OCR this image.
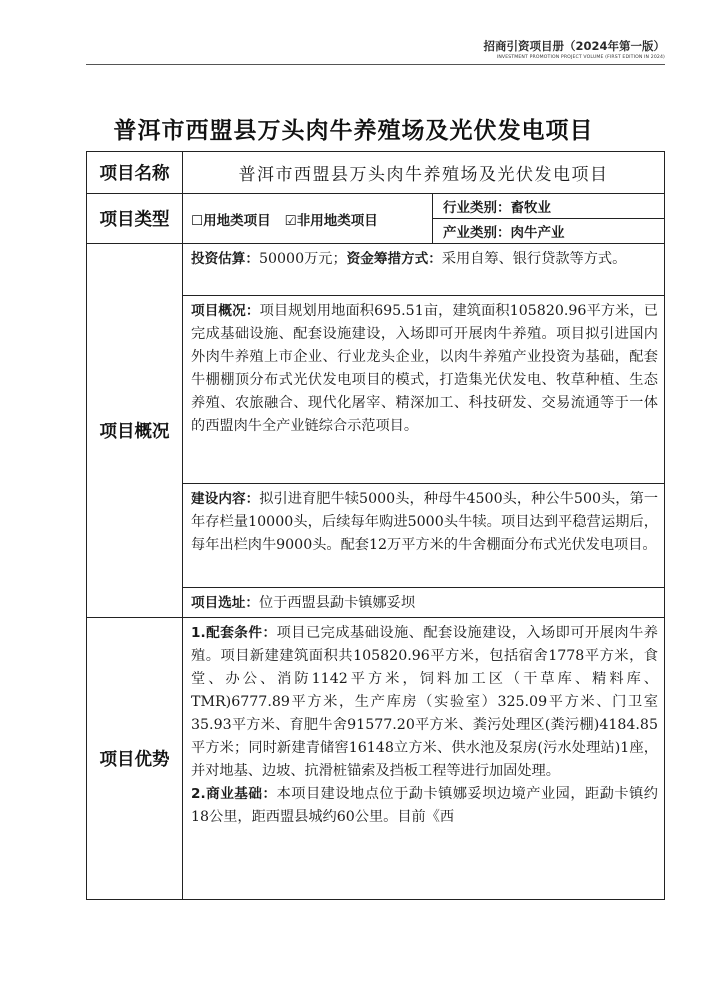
招商引资项目册（2024年第一版）
INVESTMENT PROMOTION PROJECT VOLUME (FIRST EDITION IN 2024)
普洱市西盟县万头肉牛养殖场及光伏发电项目
项目名称	普洱市西盟县万头肉牛养殖场及光伏发电项目	
项目类型	☐用地类项目 ☑非用地类项目	行业类别：畜牧业
		产业类别：肉牛产业
项目概况	投资估算：50000万元；资金筹措方式：采用自筹、银行贷款等方式。	

	项目概况：项目规划用地面积695.51亩，建筑面积105820.96平方米，已完成基础设施、配套设施建设，入场即可开展肉牛养殖。项目拟引进国内外肉牛养殖上市企业、行业龙头企业，以肉牛养殖产业投资为基础，配套牛棚棚顶分布式光伏发电项目的模式，打造集光伏发电、牧草种植、生态养殖、农旅融合、现代化屠宰、精深加工、科技研发、交易流通等于一体的西盟肉牛全产业链综合示范项目。	

	建设内容：拟引进育肥牛犊5000头，种母牛4500头，种公牛500头，第一年存栏量10000头，后续每年购进5000头牛犊。项目达到平稳营运期后，每年出栏肉牛9000头。配套12万平方米的牛舍棚面分布式光伏发电项目。	

	项目选址：位于西盟县勐卡镇娜妥坝	

项目优势	1.配套条件：项目已完成基础设施、配套设施建设，入场即可开展肉牛养殖。项目新建建筑面积共105820.96平方米，包括宿舍1778平方米，食堂、办公、消防1142平方米，饲料加工区（干草库、精料库、TMR)6777.89平方米，生产库房（实验室）325.09平方米、门卫室35.93平方米、育肥牛舍91577.20平方米、粪污处理区(粪污棚)4184.85平方米；同时新建青储窖16148立方米、供水池及泵房(污水处理站)1座，并对地基、边坡、抗滑桩锚索及挡板工程等进行加固处理。

2.商业基础：本项目建设地点位于勐卡镇娜妥坝边境产业园，距勐卡镇约18公里，距西盟县城约60公里。目前《西	
